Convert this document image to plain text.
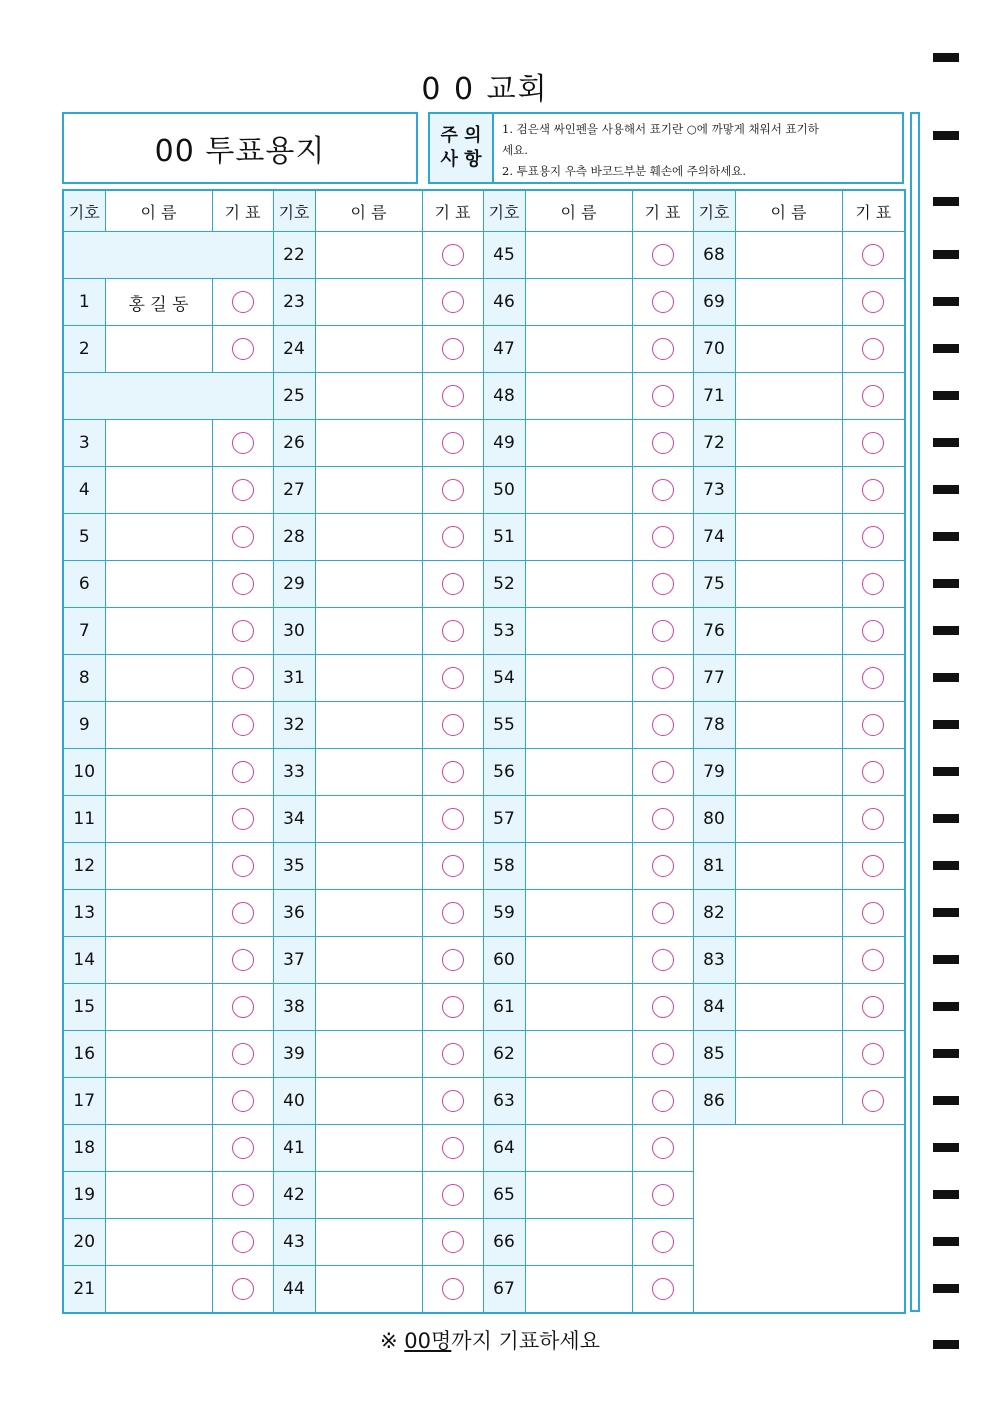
0 0 교회
00 투표용지	주 의
사 항
1. 검은색 싸인펜을 사용해서 표기란 ○에 까맣게 채워서 표기하
세요.
2. 투표용지 우측 바코드부분 훼손에 주의하세요.
기호	이 름	기 표	기호	이 름	기 표	기호	이 름	기 표	기호	이 름	기 표
			22			45			68		
1	홍 길 동		23			46			69		
2			24			47			70		
			25			48			71		
3			26			49			72		
4			27			50			73		
5			28			51			74		
6			29			52			75		
7			30			53			76		
8			31			54			77		
9			32			55			78		
10			33			56			79		
11			34			57			80		
12			35			58			81		
13			36			59			82		
14			37			60			83		
15			38			61			84		
16			39			62			85		
17			40			63			86		
18			41			64					
19			42			65					
20			43			66					
21			44			67					
※ 00명까지 기표하세요
